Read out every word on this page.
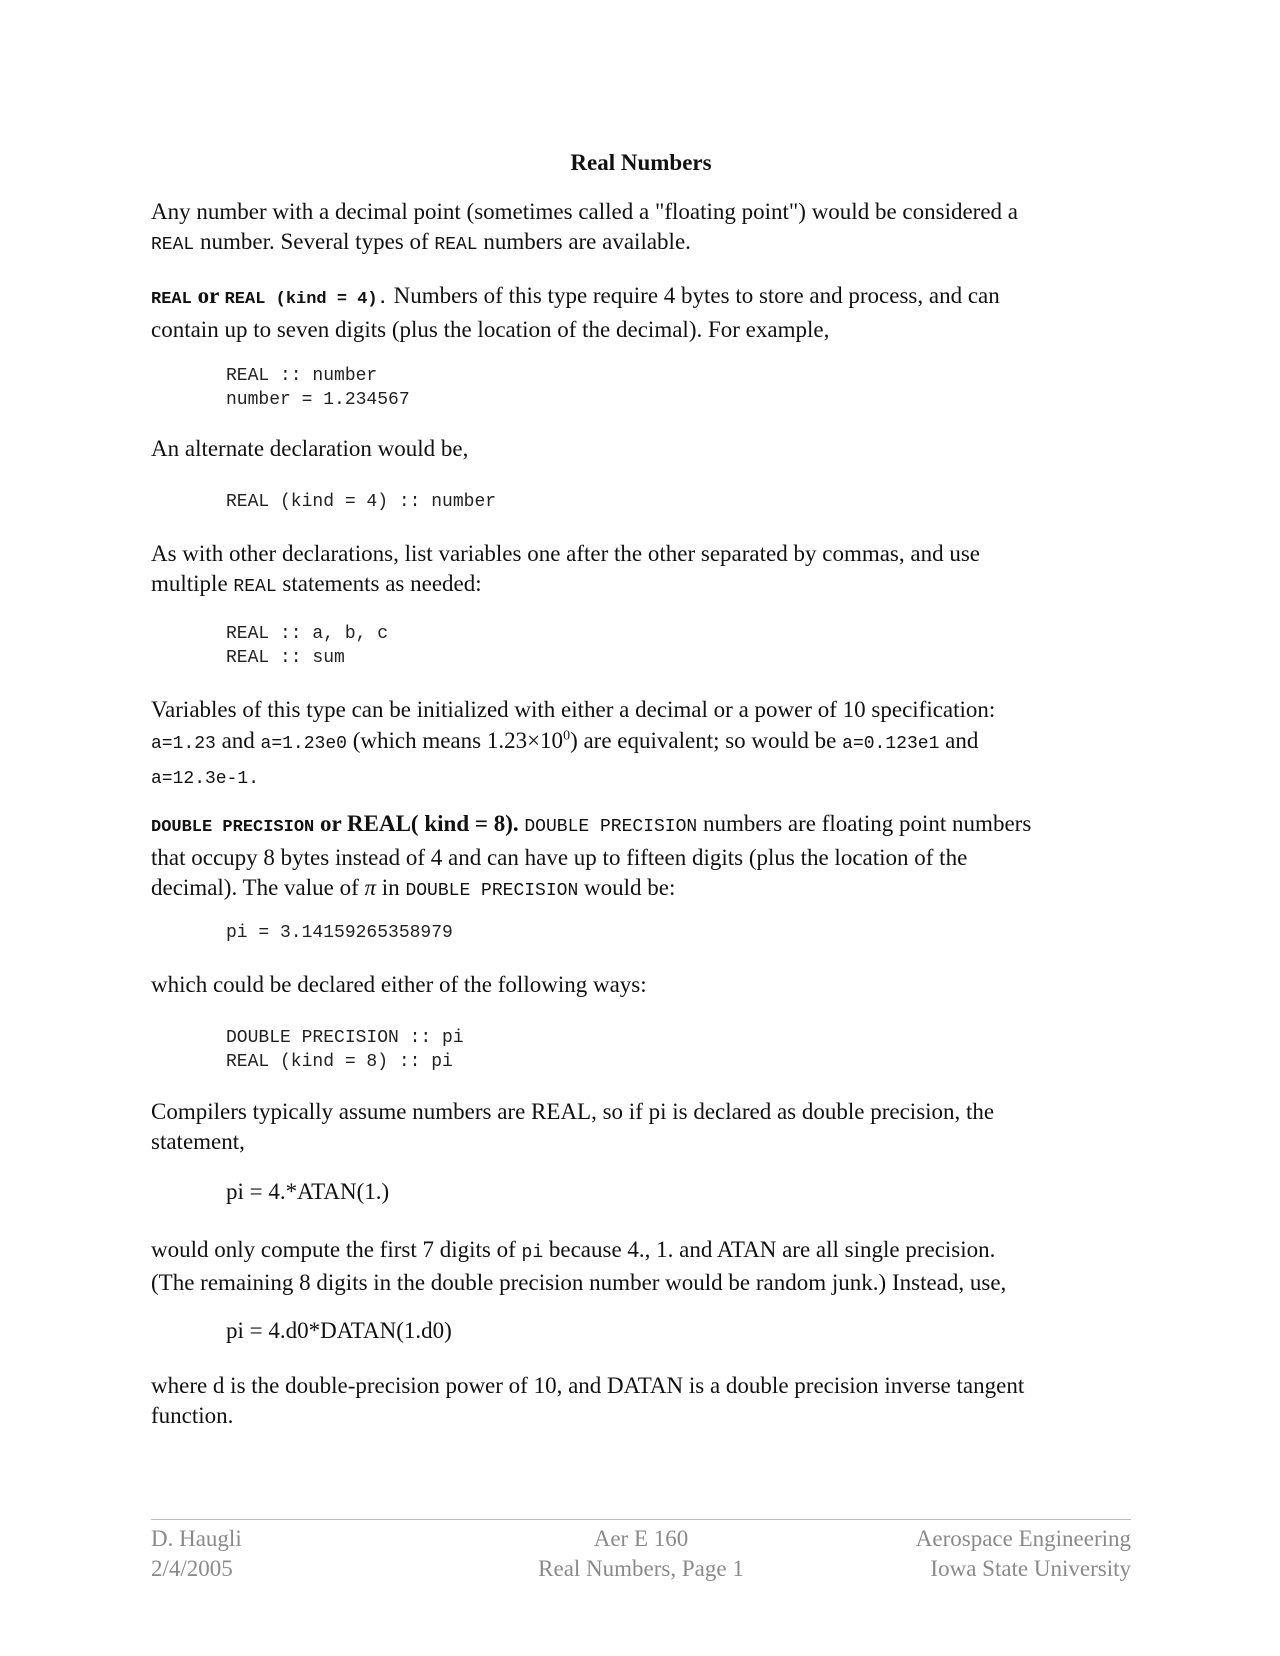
Real Numbers
Any number with a decimal point (sometimes called a "floating point") would be considered a
REAL number. Several types of REAL numbers are available.
REAL or REAL (kind = 4). Numbers of this type require 4 bytes to store and process, and can
contain up to seven digits (plus the location of the decimal). For example,
REAL :: number
number = 1.234567
An alternate declaration would be,
REAL (kind = 4) :: number
As with other declarations, list variables one after the other separated by commas, and use
multiple REAL statements as needed:
REAL :: a, b, c
REAL :: sum
Variables of this type can be initialized with either a decimal or a power of 10 specification:
a=1.23 and a=1.23e0 (which means $1.23\times 10^0$) are equivalent; so would be a=0.123e1 and
a=12.3e-1.
DOUBLE PRECISION or REAL( kind = 8). DOUBLE PRECISION numbers are floating point numbers
that occupy 8 bytes instead of 4 and can have up to fifteen digits (plus the location of the
decimal). The value of π in DOUBLE PRECISION would be:
pi = 3.14159265358979
which could be declared either of the following ways:
DOUBLE PRECISION :: pi
REAL (kind = 8) :: pi
Compilers typically assume numbers are REAL, so if pi is declared as double precision, the
statement,
pi = 4.*ATAN(1.)
would only compute the first 7 digits of pi because 4., 1. and ATAN are all single precision.
(The remaining 8 digits in the double precision number would be random junk.) Instead, use,
pi = 4.d0*DATAN(1.d0)
where d is the double-precision power of 10, and DATAN is a double precision inverse tangent
function.
D. Haugli
2/4/2005
Aer E 160
Real Numbers, Page 1
Aerospace Engineering
Iowa State University
